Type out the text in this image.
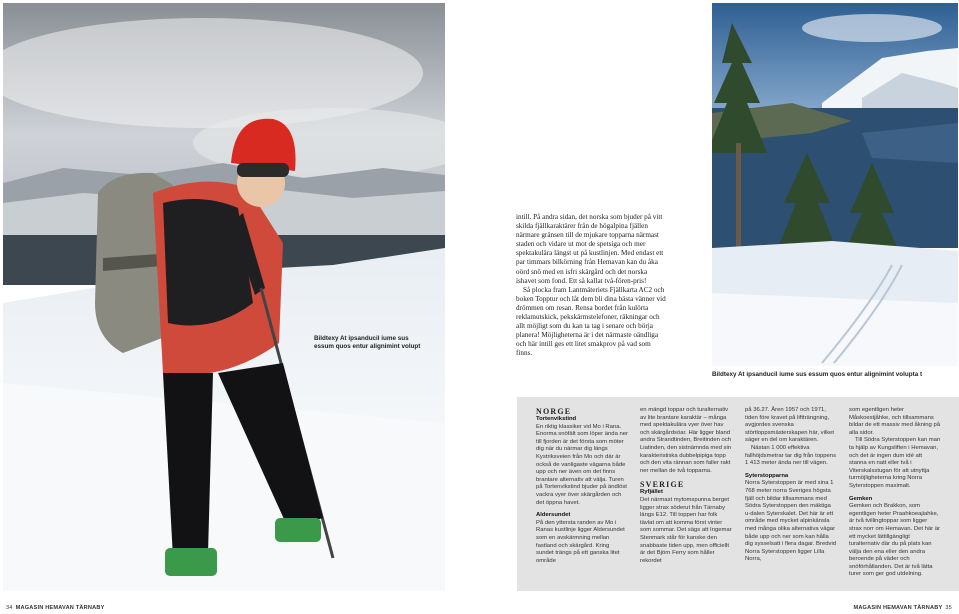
Bildtexy At ipsanducil iume sus essum quos entur alignimint volupt

intill. På andra sidan, det norska som bjuder på vitt skilda fjällkaraktärer från de högalpina fjällen närmare gränsen till de mjukare topparna närmast staden och vidare ut mot de spetsiga och mer spektakulära längst ut på kustlinjen. Med endast ett par timmars bilkörning från Hemavan kan du åka oörd snö med en isfri skärgård och det norska ishavet som fond. Ett så kallat två-fören-pris!

Så plocka fram Lantmäteriets Fjällkarta AC2 och boken Topptur och låt dem bli dina bästa vänner vid drömmen om resan. Rensa bordet från kulörta reklamutskick, pekskärmstelefoner, räkningar och allt möjligt som du kan ta tag i senare och börja planera! Möjligheterna är i det närmaste oändliga och här intill ges ett litet smakprov på vad som finns.

Bildtexy At ipsanducil iume sus essum quos entur alignimint volupta t

NORGE

Tortenvikstind

En riktig klassiker vid Mo i Rana. Enorma snöfält som löper ända ner till fjorden är det första som möter dig när du närmar dig längs Kystriksveien från Mo och där är också de vanligaste vägarna både upp och ner även om det finns brantare alternativ att välja. Turen på Tortenvikstind bjuder på ändlöst vackra vyer över skärgården och det öppna havet.

Aldersundet

På den yttersta randen av Mo i Ranas kustlinje ligger Aldersundet som en avskärmning mellan fastland och skärgård. Kring sundet trängs på ett ganska litet område

en mängd toppar och turalternativ av lite brantare karaktär – många med spektakulära vyer över hav och skärgårdsöar. Här ligger bland andra Strandtinden, Breitinden och Liatinden, den sistnämnda med sin karakteristiska dubbelpipiga topp och den vita rännan som faller rakt ner mellan de två topparna.

SVERIGE

Ryfjället

Det närmast mytomspunna berget ligger strax söderut från Tärnaby längs E12. Till toppen har folk tävlat om att komma först vinter som sommar. Det sägs att Ingemar Stenmark står för kanske den snabbaste tiden upp, men officiellt är det Björn Ferry som håller rekordet

på 36.27. Åren 1957 och 1971, tiden före kravet på liftträngning, avgjordes svenska störtloppsmästerskapen här, vilket säger en del om karaktären.

Nästan 1 000 effektiva fallhöjdsmetrar tar dig från toppens 1 413 meter ända ner till vägen.

Syterstopparna

Norra Syterstoppen är med sina 1 768 meter norra Sveriges högsta fjäll och bildar tillsammans med Södra Syterstoppen den mäktiga u-dalen Syterskalet. Det här är ett område med mycket alpinkänsla med många olika alternativa vägar både upp och ner som kan hålla dig sysselsatt i flera dagar. Bredvid Norra Syterstoppen ligger Lilla Norra,

som egentligen heter Måskoestjåhke, och tillsammans bildar de ett massiv med åkning på alla sidor.

Till Södra Syterstoppen kan man ta hjälp av Kungsliften i Hemavan, och det är ingen dum idé att stanna en natt eller två i Viterskalsstugan för att utnyttja turmöjligheterna kring Norra Syterstoppen maximalt.

Gemken

Gemken och Brakkon, som egentligen heter Praahkoeajiahke, är två tvillingtoppar som ligger strax norr om Hemavan. Det här är ett mycket lättillgängligt turalternativ där du på plats kan välja den ena eller den andra beroende på väder och snöförhållanden. Det är två lätta turer som ger god utdelning.

34 MAGASIN HEMAVAN TÄRNABY	MAGASIN HEMAVAN TÄRNABY 35
